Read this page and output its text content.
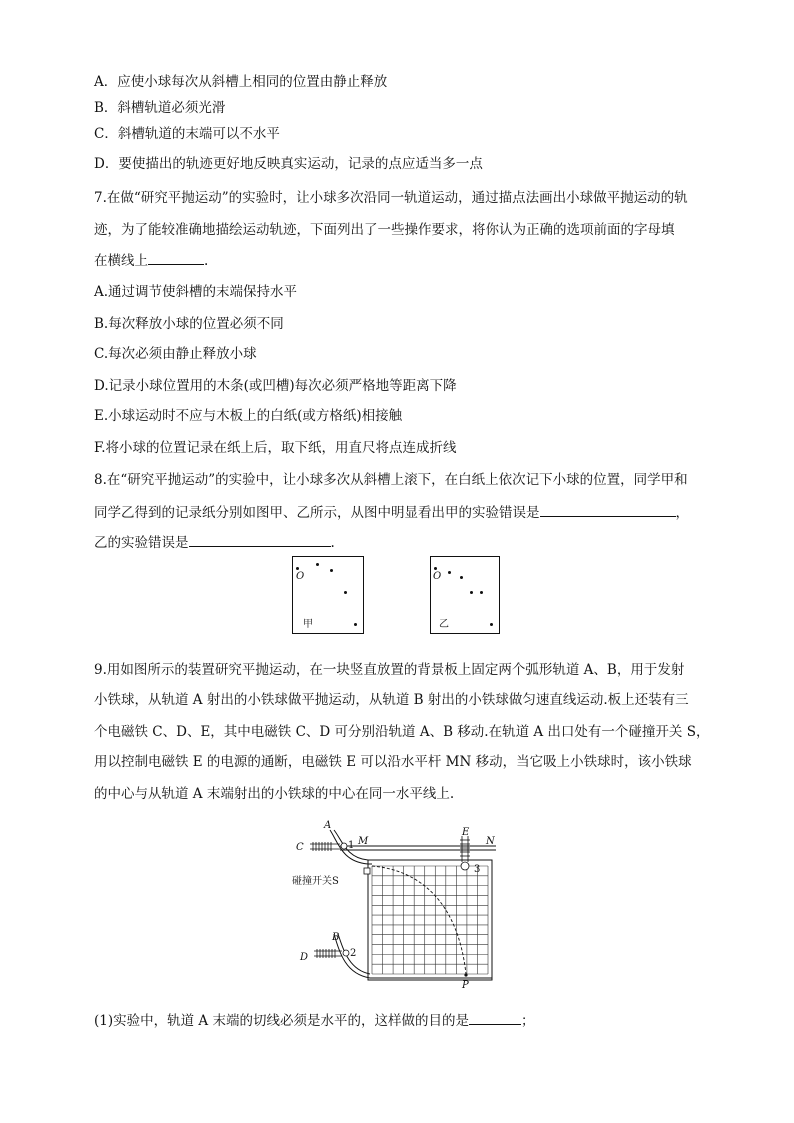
A．应使小球每次从斜槽上相同的位置由静止释放
B．斜槽轨道必须光滑
C．斜槽轨道的末端可以不水平
D．要使描出的轨迹更好地反映真实运动，记录的点应适当多一点
7.在做“研究平抛运动”的实验时，让小球多次沿同一轨道运动，通过描点法画出小球做平抛运动的轨
迹，为了能较准确地描绘运动轨迹，下面列出了一些操作要求，将你认为正确的选项前面的字母填
在横线上	.
A.通过调节使斜槽的末端保持水平
B.每次释放小球的位置必须不同
C.每次必须由静止释放小球
D.记录小球位置用的木条(或凹槽)每次必须严格地等距离下降
E.小球运动时不应与木板上的白纸(或方格纸)相接触
F.将小球的位置记录在纸上后，取下纸，用直尺将点连成折线
8.在“研究平抛运动”的实验中，让小球多次从斜槽上滚下，在白纸上依次记下小球的位置，同学甲和
同学乙得到的记录纸分别如图甲、乙所示，从图中明显看出甲的实验错误是	，
乙的实验错误是	.
O
甲
O
乙
9.用如图所示的装置研究平抛运动，在一块竖直放置的背景板上固定两个弧形轨道 A、B，用于发射
小铁球，从轨道 A 射出的小铁球做平抛运动，从轨道 B 射出的小铁球做匀速直线运动.板上还装有三
个电磁铁 C、D、E，其中电磁铁 C、D 可分别沿轨道 A、B 移动.在轨道 A 出口处有一个碰撞开关 S，
用以控制电磁铁 E 的电源的通断，电磁铁 E 可以沿水平杆 MN 移动，当它吸上小铁球时，该小铁球
的中心与从轨道 A 末端射出的小铁球的中心在同一水平线上.
A
C	1 M
E
N
3
碰撞开关S
B
D	2
P
(1)实验中，轨道 A 末端的切线必须是水平的，这样做的目的是	；
